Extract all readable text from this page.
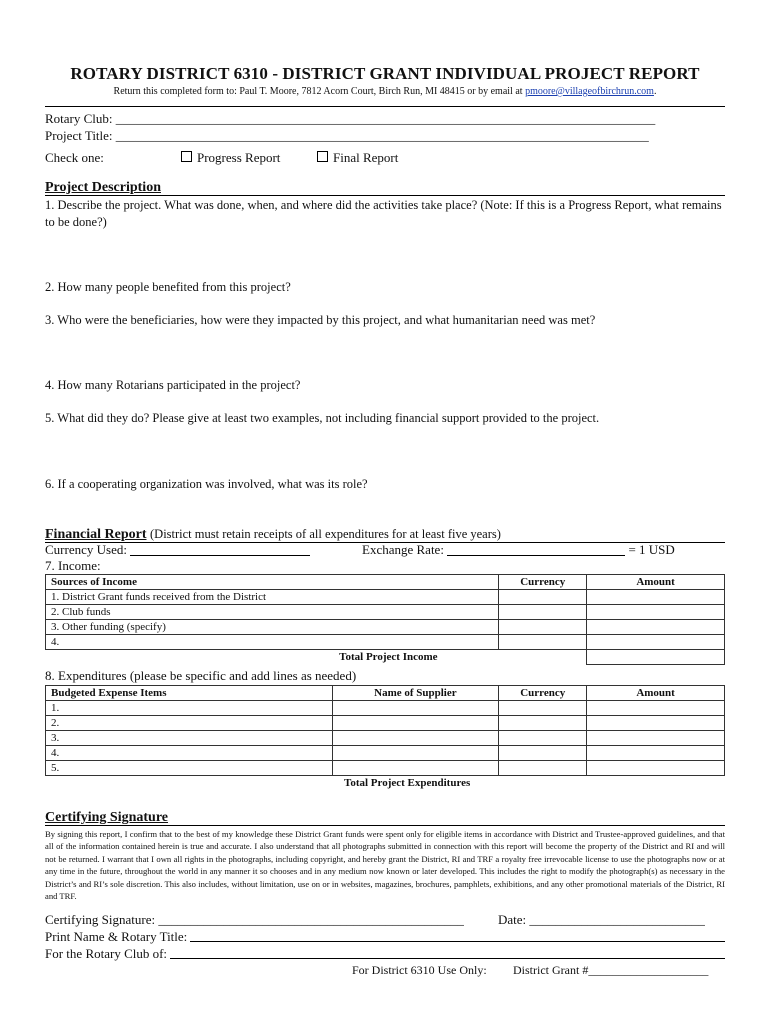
ROTARY DISTRICT 6310 - DISTRICT GRANT INDIVIDUAL PROJECT REPORT
Return this completed form to: Paul T. Moore, 7812 Acorn Court, Birch Run, MI 48415 or by email at pmoore@villageofbirchrun.com.
Rotary Club: ___________________________________________________________________________________
Project Title: __________________________________________________________________________________
Check one:	Progress Report	Final Report
Project Description
1. Describe the project. What was done, when, and where did the activities take place? (Note: If this is a Progress Report, what remains to be done?)
2. How many people benefited from this project?
3. Who were the beneficiaries, how were they impacted by this project, and what humanitarian need was met?
4. How many Rotarians participated in the project?
5. What did they do? Please give at least two examples, not including financial support provided to the project.
6. If a cooperating organization was involved, what was its role?
Financial Report (District must retain receipts of all expenditures for at least five years)
Currency Used:	Exchange Rate:	= 1 USD
7. Income:
Sources of Income	Currency	Amount
1. District Grant funds received from the District		
2. Club funds		
3. Other funding (specify)		
4.		
Total Project Income		
8. Expenditures (please be specific and add lines as needed)
Budgeted Expense Items	Name of Supplier	Currency	Amount
1.			
2.			
3.			
4.			
5.			
	Total Project Expenditures		
Certifying Signature
By signing this report, I confirm that to the best of my knowledge these District Grant funds were spent only for eligible items in accordance with District and Trustee-approved guidelines, and that all of the information contained herein is true and accurate. I also understand that all photographs submitted in connection with this report will become the property of the District and RI and will not be returned. I warrant that I own all rights in the photographs, including copyright, and hereby grant the District, RI and TRF a royalty free irrevocable license to use the photographs now or at any time in the future, throughout the world in any manner it so chooses and in any medium now known or later developed. This includes the right to modify the photograph(s) as necessary in the District’s and RI’s sole discretion. This also includes, without limitation, use on or in websites, magazines, brochures, pamphlets, exhibitions, and any other promotional materials of the District, RI and TRF.
Certifying Signature: _______________________________________________	Date: ___________________________
Print Name & Rotary Title:
For the Rotary Club of:
For District 6310 Use Only: District Grant #____________________
